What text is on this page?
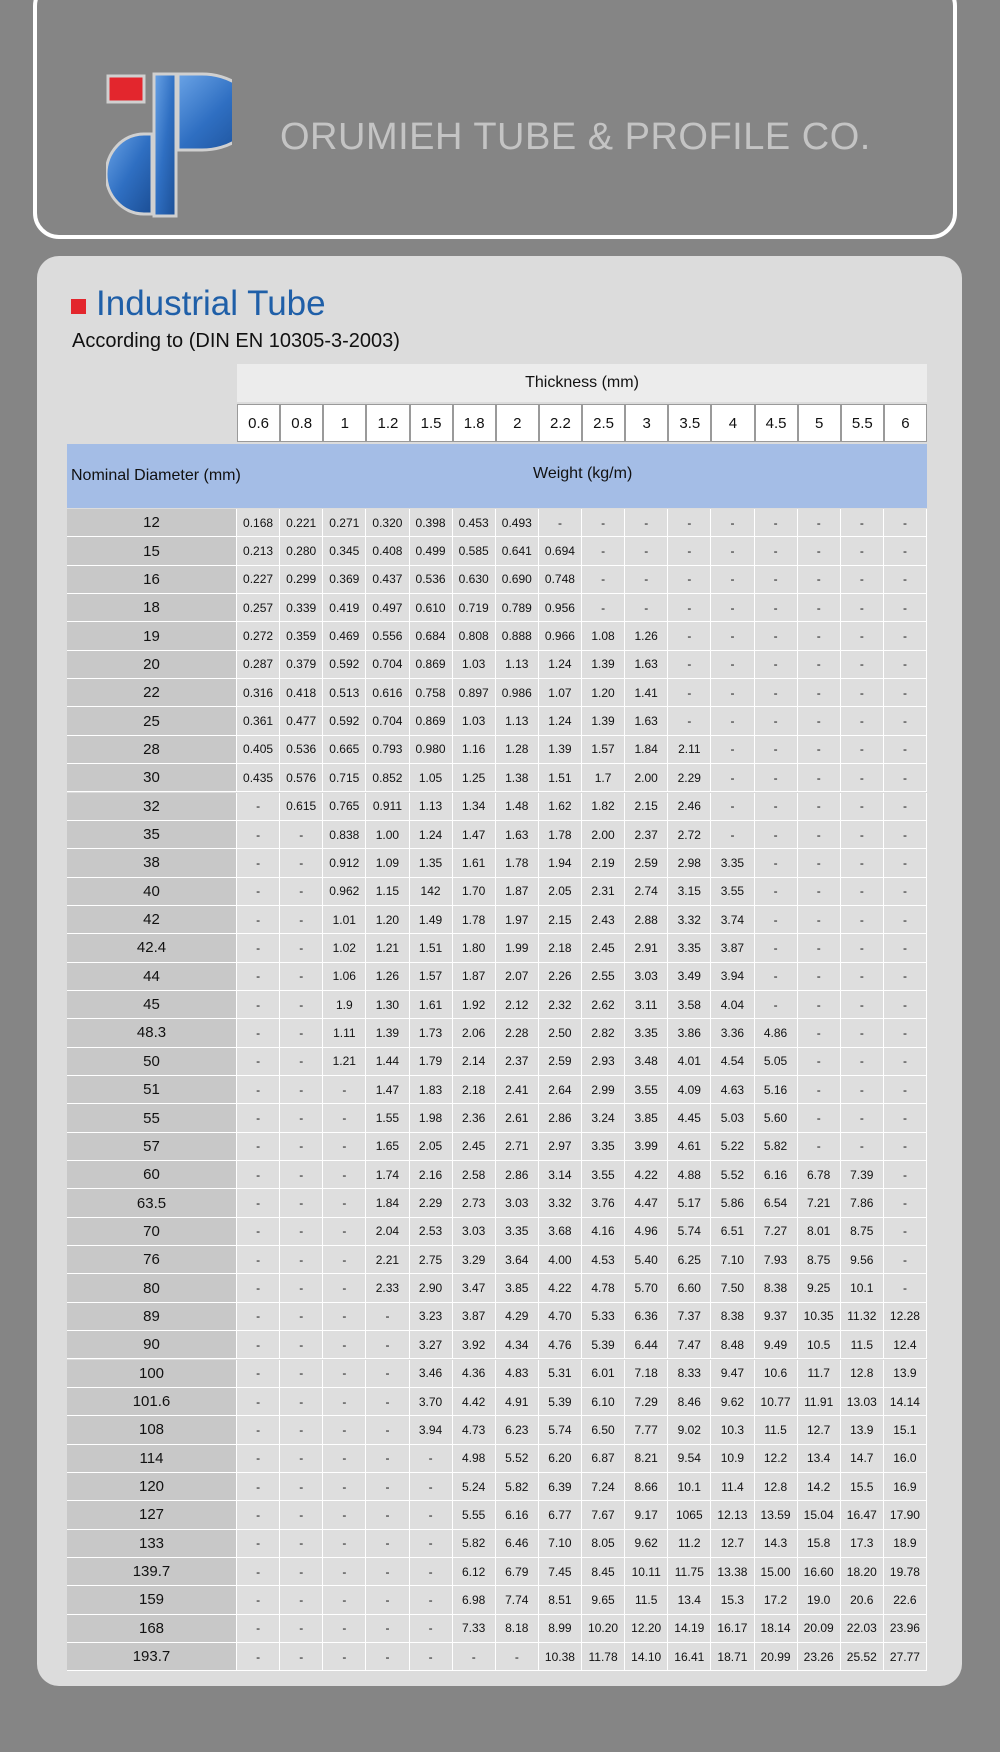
ORUMIEH TUBE & PROFILE CO.
Industrial Tube
According to (DIN EN 10305-3-2003)
Thickness (mm)
Nominal Diameter (mm)	Weight (kg/m)
0.6	0.8	1	1.2	1.5	1.8	2	2.2	2.5	3	3.5	4	4.5	5	5.5	6
12	0.168	0.221	0.271	0.320	0.398	0.453	0.493	-	-	-	-	-	-	-	-	-
15	0.213	0.280	0.345	0.408	0.499	0.585	0.641	0.694	-	-	-	-	-	-	-	-
16	0.227	0.299	0.369	0.437	0.536	0.630	0.690	0.748	-	-	-	-	-	-	-	-
18	0.257	0.339	0.419	0.497	0.610	0.719	0.789	0.956	-	-	-	-	-	-	-	-
19	0.272	0.359	0.469	0.556	0.684	0.808	0.888	0.966	1.08	1.26	-	-	-	-	-	-
20	0.287	0.379	0.592	0.704	0.869	1.03	1.13	1.24	1.39	1.63	-	-	-	-	-	-
22	0.316	0.418	0.513	0.616	0.758	0.897	0.986	1.07	1.20	1.41	-	-	-	-	-	-
25	0.361	0.477	0.592	0.704	0.869	1.03	1.13	1.24	1.39	1.63	-	-	-	-	-	-
28	0.405	0.536	0.665	0.793	0.980	1.16	1.28	1.39	1.57	1.84	2.11	-	-	-	-	-
30	0.435	0.576	0.715	0.852	1.05	1.25	1.38	1.51	1.7	2.00	2.29	-	-	-	-	-
32	-	0.615	0.765	0.911	1.13	1.34	1.48	1.62	1.82	2.15	2.46	-	-	-	-	-
35	-	-	0.838	1.00	1.24	1.47	1.63	1.78	2.00	2.37	2.72	-	-	-	-	-
38	-	-	0.912	1.09	1.35	1.61	1.78	1.94	2.19	2.59	2.98	3.35	-	-	-	-
40	-	-	0.962	1.15	142	1.70	1.87	2.05	2.31	2.74	3.15	3.55	-	-	-	-
42	-	-	1.01	1.20	1.49	1.78	1.97	2.15	2.43	2.88	3.32	3.74	-	-	-	-
42.4	-	-	1.02	1.21	1.51	1.80	1.99	2.18	2.45	2.91	3.35	3.87	-	-	-	-
44	-	-	1.06	1.26	1.57	1.87	2.07	2.26	2.55	3.03	3.49	3.94	-	-	-	-
45	-	-	1.9	1.30	1.61	1.92	2.12	2.32	2.62	3.11	3.58	4.04	-	-	-	-
48.3	-	-	1.11	1.39	1.73	2.06	2.28	2.50	2.82	3.35	3.86	3.36	4.86	-	-	-
50	-	-	1.21	1.44	1.79	2.14	2.37	2.59	2.93	3.48	4.01	4.54	5.05	-	-	-
51	-	-	-	1.47	1.83	2.18	2.41	2.64	2.99	3.55	4.09	4.63	5.16	-	-	-
55	-	-	-	1.55	1.98	2.36	2.61	2.86	3.24	3.85	4.45	5.03	5.60	-	-	-
57	-	-	-	1.65	2.05	2.45	2.71	2.97	3.35	3.99	4.61	5.22	5.82	-	-	-
60	-	-	-	1.74	2.16	2.58	2.86	3.14	3.55	4.22	4.88	5.52	6.16	6.78	7.39	-
63.5	-	-	-	1.84	2.29	2.73	3.03	3.32	3.76	4.47	5.17	5.86	6.54	7.21	7.86	-
70	-	-	-	2.04	2.53	3.03	3.35	3.68	4.16	4.96	5.74	6.51	7.27	8.01	8.75	-
76	-	-	-	2.21	2.75	3.29	3.64	4.00	4.53	5.40	6.25	7.10	7.93	8.75	9.56	-
80	-	-	-	2.33	2.90	3.47	3.85	4.22	4.78	5.70	6.60	7.50	8.38	9.25	10.1	-
89	-	-	-	-	3.23	3.87	4.29	4.70	5.33	6.36	7.37	8.38	9.37	10.35	11.32	12.28
90	-	-	-	-	3.27	3.92	4.34	4.76	5.39	6.44	7.47	8.48	9.49	10.5	11.5	12.4
100	-	-	-	-	3.46	4.36	4.83	5.31	6.01	7.18	8.33	9.47	10.6	11.7	12.8	13.9
101.6	-	-	-	-	3.70	4.42	4.91	5.39	6.10	7.29	8.46	9.62	10.77	11.91	13.03	14.14
108	-	-	-	-	3.94	4.73	6.23	5.74	6.50	7.77	9.02	10.3	11.5	12.7	13.9	15.1
114	-	-	-	-	-	4.98	5.52	6.20	6.87	8.21	9.54	10.9	12.2	13.4	14.7	16.0
120	-	-	-	-	-	5.24	5.82	6.39	7.24	8.66	10.1	11.4	12.8	14.2	15.5	16.9
127	-	-	-	-	-	5.55	6.16	6.77	7.67	9.17	1065	12.13	13.59	15.04	16.47	17.90
133	-	-	-	-	-	5.82	6.46	7.10	8.05	9.62	11.2	12.7	14.3	15.8	17.3	18.9
139.7	-	-	-	-	-	6.12	6.79	7.45	8.45	10.11	11.75	13.38	15.00	16.60	18.20	19.78
159	-	-	-	-	-	6.98	7.74	8.51	9.65	11.5	13.4	15.3	17.2	19.0	20.6	22.6
168	-	-	-	-	-	7.33	8.18	8.99	10.20	12.20	14.19	16.17	18.14	20.09	22.03	23.96
193.7	-	-	-	-	-	-	-	10.38	11.78	14.10	16.41	18.71	20.99	23.26	25.52	27.77
